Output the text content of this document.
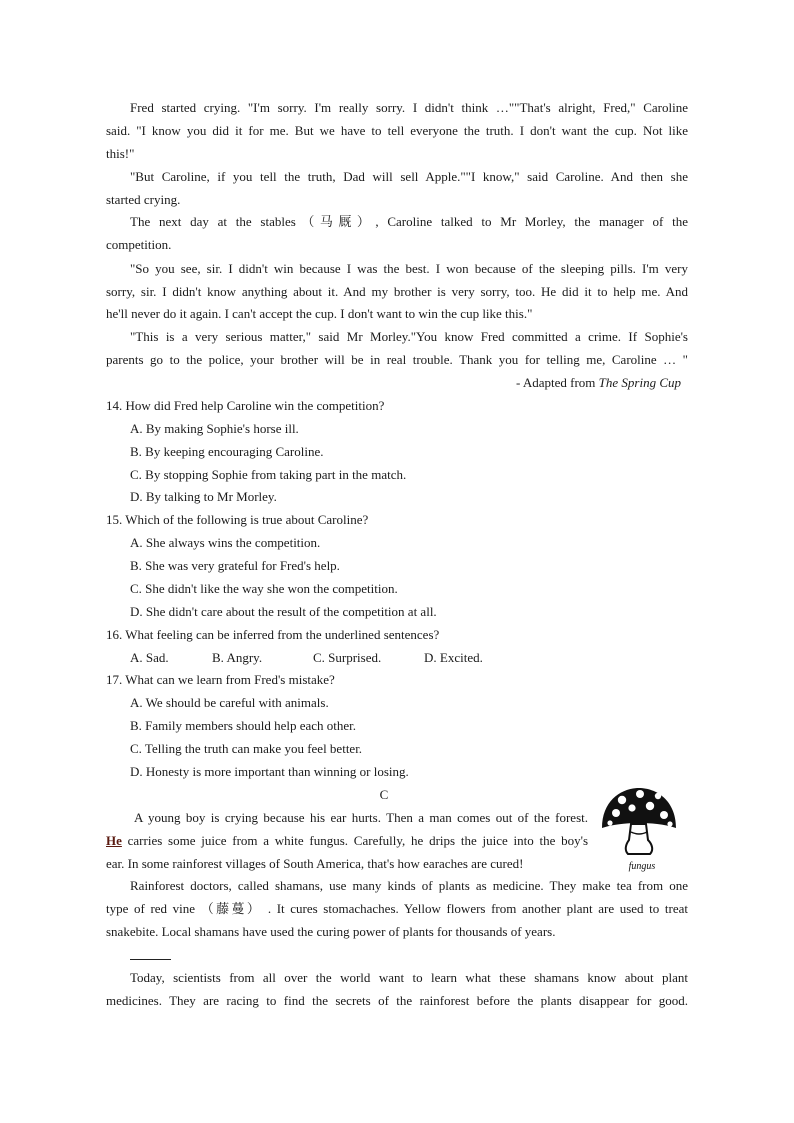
Fred started crying. "I'm sorry. I'm really sorry. I didn't think …""That's alright, Fred," Caroline
said. "I know you did it for me. But we have to tell everyone the truth. I don't want the cup. Not like
this!"
"But Caroline, if you tell the truth, Dad will sell Apple.""I know," said Caroline. And then she
started crying.
The next day at the stables（马厩）, Caroline talked to Mr Morley, the manager of the
competition.
"So you see, sir. I didn't win because I was the best. I won because of the sleeping pills. I'm very
sorry, sir. I didn't know anything about it. And my brother is very sorry, too. He did it to help me. And
he'll never do it again. I can't accept the cup. I don't want to win the cup like this."
"This is a very serious matter," said Mr Morley."You know Fred committed a crime. If Sophie's
parents go to the police, your brother will be in real trouble. Thank you for telling me, Caroline … "
- Adapted from The Spring Cup
14. How did Fred help Caroline win the competition?
A. By making Sophie's horse ill.
B. By keeping encouraging Caroline.
C. By stopping Sophie from taking part in the match.
D. By talking to Mr Morley.
15. Which of the following is true about Caroline?
A. She always wins the competition.
B. She was very grateful for Fred's help.
C. She didn't like the way she won the competition.
D. She didn't care about the result of the competition at all.
16. What feeling can be inferred from the underlined sentences?
A. Sad.	B. Angry.	C. Surprised.	D. Excited.
17. What can we learn from Fred's mistake?
A. We should be careful with animals.
B. Family members should help each other.
C. Telling the truth can make you feel better.
D. Honesty is more important than winning or losing.
C
A young boy is crying because his ear hurts. Then a man comes out of the forest.
He carries some juice from a white fungus. Carefully, he drips the juice into the boy's
ear. In some rainforest villages of South America, that's how earaches are cured!	fungus
Rainforest doctors, called shamans, use many kinds of plants as medicine. They make tea from one
type of red vine （藤蔓） . It cures stomachaches. Yellow flowers from another plant are used to treat
snakebite. Local shamans have used the curing power of plants for thousands of years.
Today, scientists from all over the world want to learn what these shamans know about plant
medicines. They are racing to find the secrets of the rainforest before the plants disappear for good.
